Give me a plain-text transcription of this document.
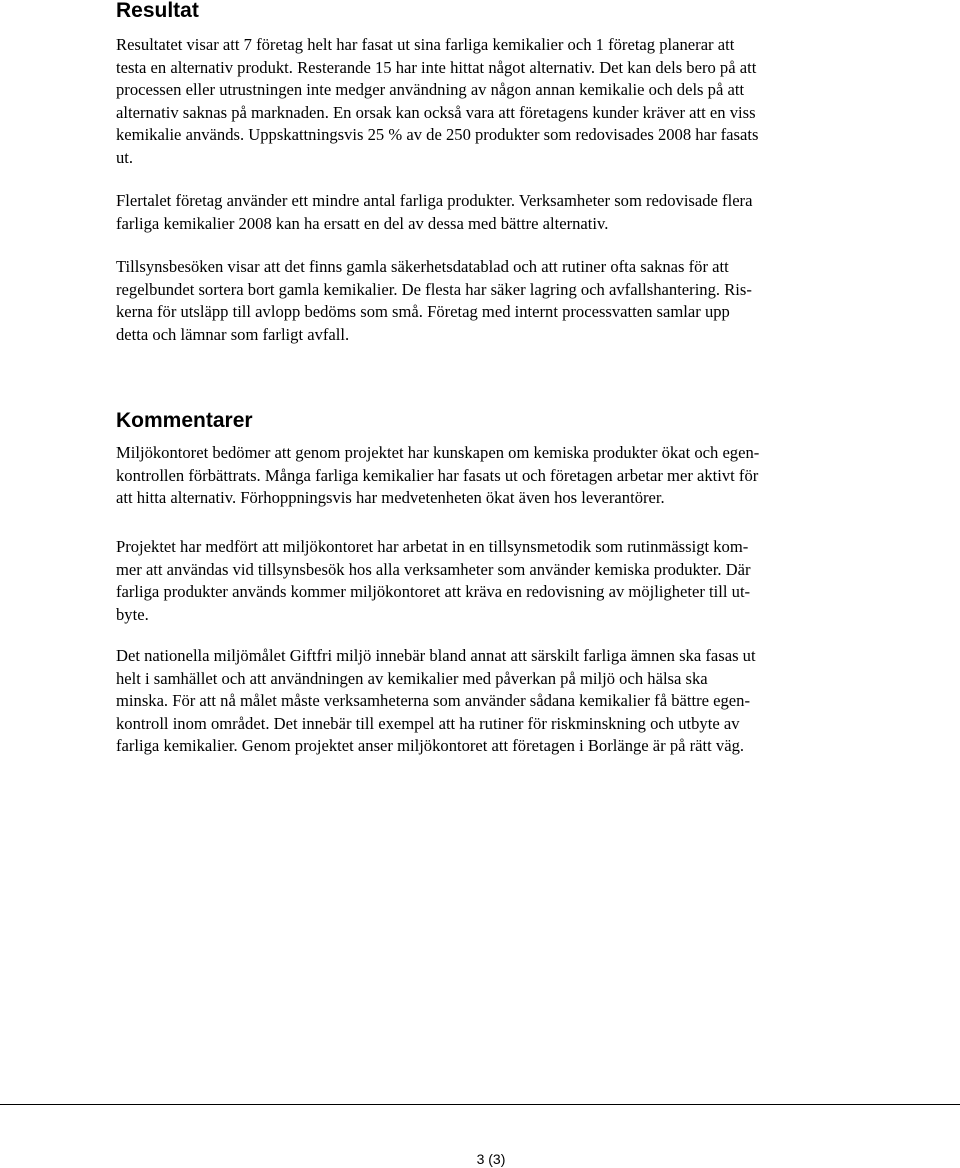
Resultat

Resultatet visar att 7 företag helt har fasat ut sina farliga kemikalier och 1 företag planerar att
testa en alternativ produkt. Resterande 15 har inte hittat något alternativ. Det kan dels bero på att
processen eller utrustningen inte medger användning av någon annan kemikalie och dels på att
alternativ saknas på marknaden. En orsak kan också vara att företagens kunder kräver att en viss
kemikalie används. Uppskattningsvis 25 % av de 250 produkter som redovisades 2008 har fasats
ut.

Flertalet företag använder ett mindre antal farliga produkter. Verksamheter som redovisade flera
farliga kemikalier 2008 kan ha ersatt en del av dessa med bättre alternativ.

Tillsynsbesöken visar att det finns gamla säkerhetsdatablad och att rutiner ofta saknas för att
regelbundet sortera bort gamla kemikalier. De flesta har säker lagring och avfallshantering. Ris-
kerna för utsläpp till avlopp bedöms som små. Företag med internt processvatten samlar upp
detta och lämnar som farligt avfall.

Kommentarer

Miljökontoret bedömer att genom projektet har kunskapen om kemiska produkter ökat och egen-
kontrollen förbättrats. Många farliga kemikalier har fasats ut och företagen arbetar mer aktivt för
att hitta alternativ. Förhoppningsvis har medvetenheten ökat även hos leverantörer.

Projektet har medfört att miljökontoret har arbetat in en tillsynsmetodik som rutinmässigt kom-
mer att användas vid tillsynsbesök hos alla verksamheter som använder kemiska produkter. Där
farliga produkter används kommer miljökontoret att kräva en redovisning av möjligheter till ut-
byte.

Det nationella miljömålet Giftfri miljö innebär bland annat att särskilt farliga ämnen ska fasas ut
helt i samhället och att användningen av kemikalier med påverkan på miljö och hälsa ska
minska. För att nå målet måste verksamheterna som använder sådana kemikalier få bättre egen-
kontroll inom området. Det innebär till exempel att ha rutiner för riskminskning och utbyte av
farliga kemikalier. Genom projektet anser miljökontoret att företagen i Borlänge är på rätt väg.

3 (3)
